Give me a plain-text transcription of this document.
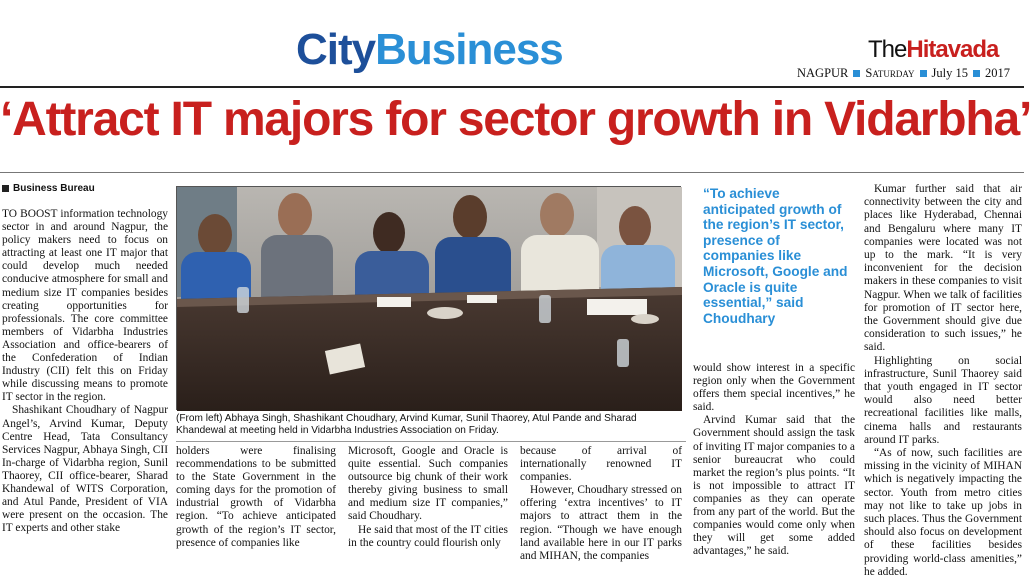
CityBusiness	TheHitavada
NAGPUR Saturday July 15 2017
‘Attract IT majors for sector growth in Vidarbha’
Business Bureau

TO BOOST information technology sector in and around Nagpur, the policy makers need to focus on attracting at least one IT major that could develop much needed conducive atmosphere for small and medium size IT companies besides creating opportunities for professionals. The core committee members of Vidarbha Industries Association and office-bearers of the Confederation of Indian Industry (CII) felt this on Friday while discussing means to promote IT sector in the region.

Shashikant Choudhary of Nagpur Angel’s, Arvind Kumar, Deputy Centre Head, Tata Consultancy Services Nagpur, Abhaya Singh, CII In-charge of Vidarbha region, Sunil Thaorey, CII office-bearer, Sharad Khandewal of WITS Corporation, and Atul Pande, President of VIA were present on the occasion. The IT experts and other stake

(From left) Abhaya Singh, Shashikant Choudhary, Arvind Kumar, Sunil Thaorey, Atul Pande and Sharad Khandewal at meeting held in Vidarbha Industries Association on Friday.

holders were finalising recommendations to be submitted to the State Government in the coming days for the promotion of industrial growth of Vidarbha region. “To achieve anticipated growth of the region’s IT sector, presence of companies like

Microsoft, Google and Oracle is quite essential. Such companies outsource big chunk of their work thereby giving business to small and medium size IT companies,” said Choudhary.

He said that most of the IT cities in the country could flourish only

because of arrival of internationally renowned IT companies.

However, Choudhary stressed on offering ‘extra incentives’ to IT majors to attract them in the region. “Though we have enough land available here in our IT parks and MIHAN, the companies

“To achieve anticipated growth of the region’s IT sector, presence of companies like Microsoft, Google and Oracle is quite essential,” said Choudhary

would show interest in a specific region only when the Government offers them special incentives,” he said.

Arvind Kumar said that the Government should assign the task of inviting IT major companies to a senior bureaucrat who could market the region’s plus points. “It is not impossible to attract IT companies as they can operate from any part of the world. But the companies would come only when they will get some added advantages,” he said.

Kumar further said that air connectivity between the city and places like Hyderabad, Chennai and Bengaluru where many IT companies were located was not up to the mark. “It is very inconvenient for the decision makers in these companies to visit Nagpur. When we talk of facilities for promotion of IT sector here, the Government should give due consideration to such issues,” he said.

Highlighting on social infrastructure, Sunil Thaorey said that youth engaged in IT sector would also need better recreational facilities like malls, cinema halls and restaurants around IT parks.

“As of now, such facilities are missing in the vicinity of MIHAN which is negatively impacting the sector. Youth from metro cities may not like to take up jobs in such places. Thus the Government should also focus on development of these facilities besides providing world-class amenities,” he added.
